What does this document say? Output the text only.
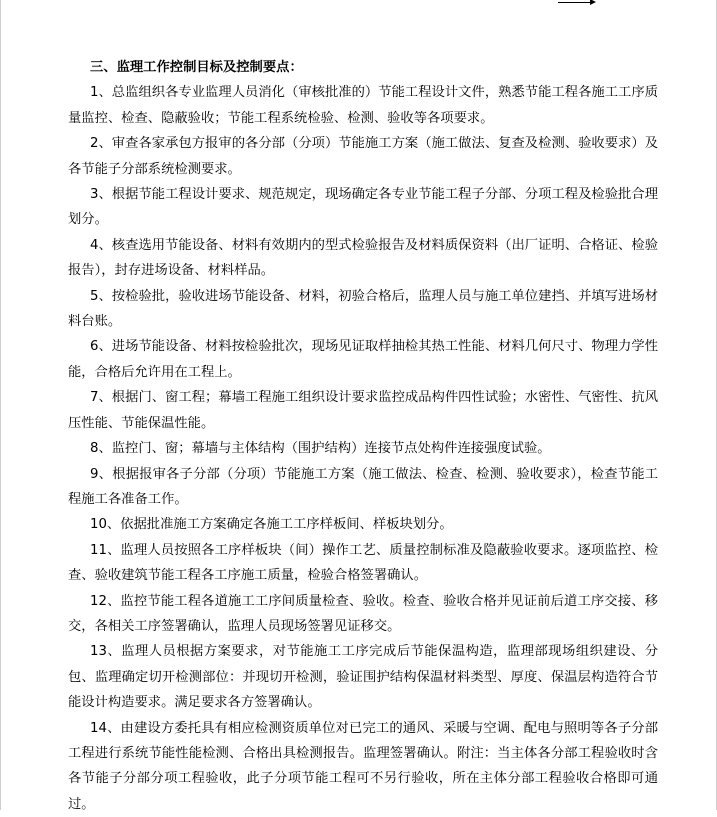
三、监理工作控制目标及控制要点：

1、总监组织各专业监理人员消化（审核批准的）节能工程设计文件，熟悉节能工程各施工工序质量监控、检查、隐蔽验收；节能工程系统检验、检测、验收等各项要求。

2、审查各家承包方报审的各分部（分项）节能施工方案（施工做法、复查及检测、验收要求）及各节能子分部系统检测要求。

3、根据节能工程设计要求、规范规定，现场确定各专业节能工程子分部、分项工程及检验批合理划分。

4、核查选用节能设备、材料有效期内的型式检验报告及材料质保资料（出厂证明、合格证、检验报告），封存进场设备、材料样品。

5、按检验批，验收进场节能设备、材料，初验合格后，监理人员与施工单位建挡、并填写进场材料台账。

6、进场节能设备、材料按检验批次，现场见证取样抽检其热工性能、材料几何尺寸、物理力学性能，合格后允许用在工程上。

7、根据门、窗工程；幕墙工程施工组织设计要求监控成品构件四性试验；水密性、气密性、抗风压性能、节能保温性能。

8、监控门、窗；幕墙与主体结构（围护结构）连接节点处构件连接强度试验。

9、根据报审各子分部（分项）节能施工方案（施工做法、检查、检测、验收要求），检查节能工程施工各准备工作。

10、依据批准施工方案确定各施工工序样板间、样板块划分。

11、监理人员按照各工序样板块（间）操作工艺、质量控制标准及隐蔽验收要求。逐项监控、检查、验收建筑节能工程各工序施工质量，检验合格签署确认。

12、监控节能工程各道施工工序间质量检查、验收。检查、验收合格并见证前后道工序交接、移交，各相关工序签署确认，监理人员现场签署见证移交。

13、监理人员根据方案要求，对节能施工工序完成后节能保温构造，监理部现场组织建设、分包、监理确定切开检测部位：并现切开检测，验证围护结构保温材料类型、厚度、保温层构造符合节能设计构造要求。满足要求各方签署确认。

14、由建设方委托具有相应检测资质单位对已完工的通风、采暖与空调、配电与照明等各子分部工程进行系统节能性能检测、合格出具检测报告。监理签署确认。附注：当主体各分部工程验收时含各节能子分部分项工程验收，此子分项节能工程可不另行验收，所在主体分部工程验收合格即可通过。
